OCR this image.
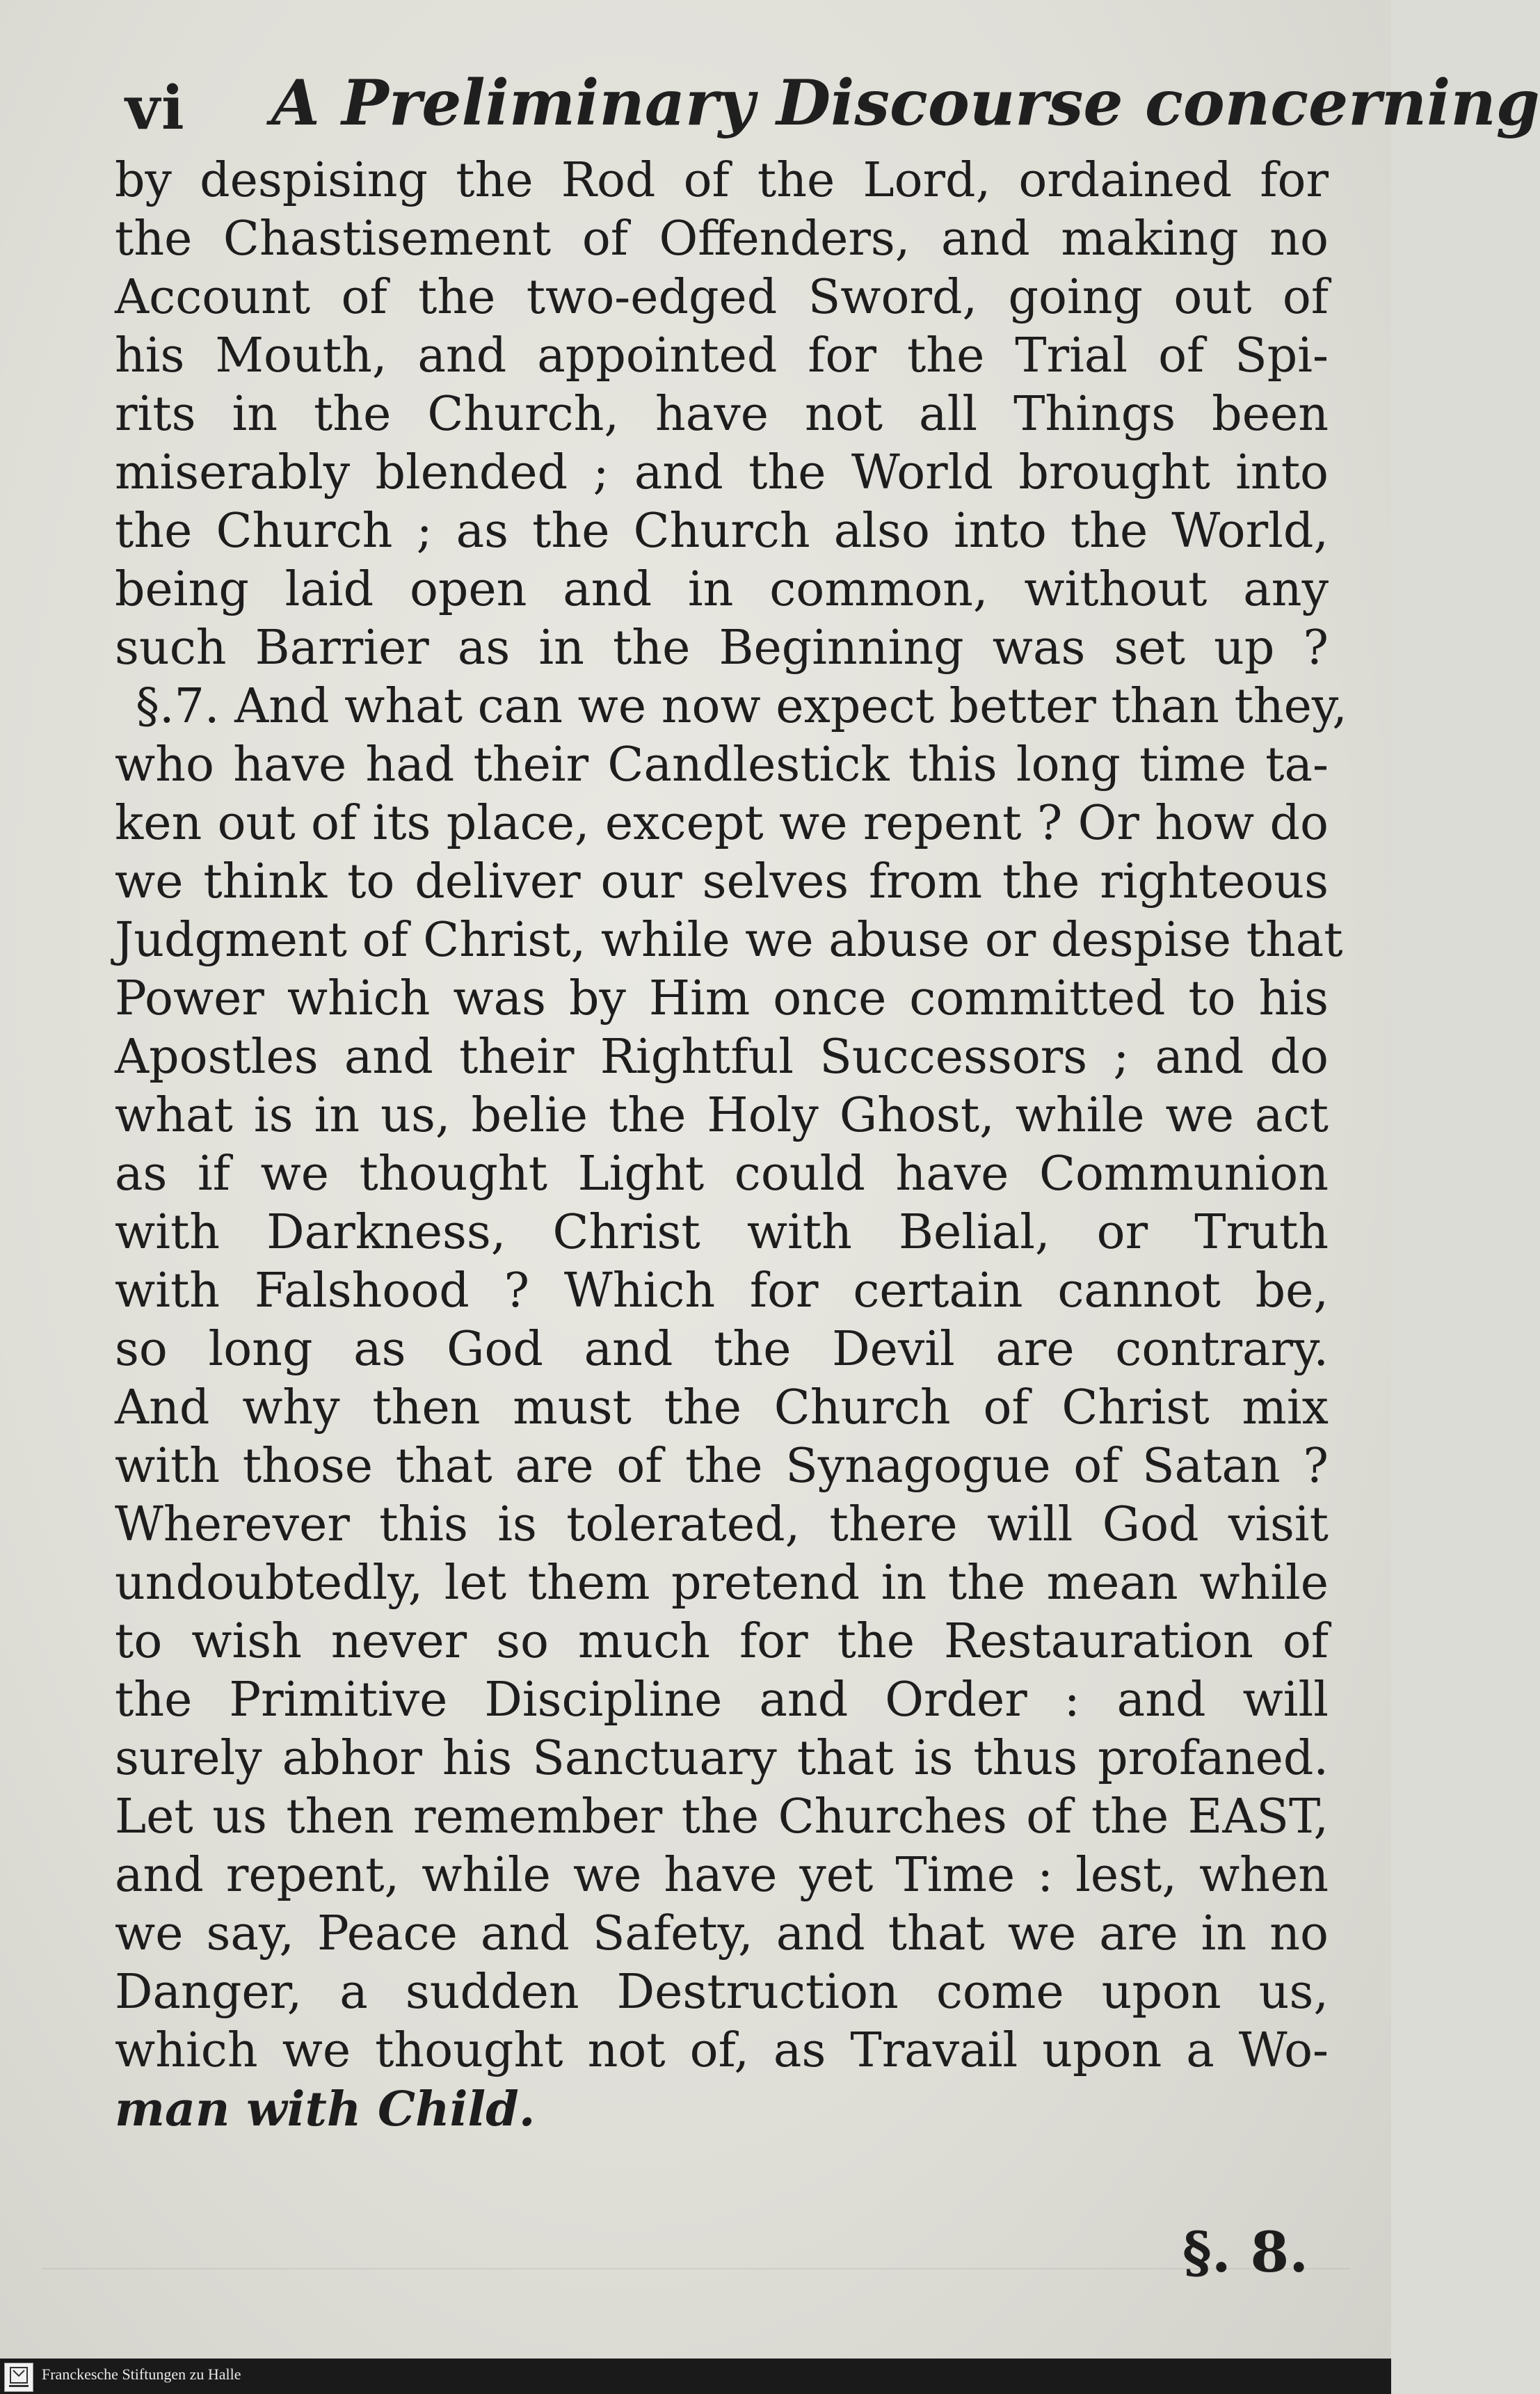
vi A Preliminary Discourse concerning
by despising the Rod of the Lord, ordained for
the Chastisement of Offenders, and making no
Account of the two-edged Sword, going out of
his Mouth, and appointed for the Trial of Spi-
rits in the Church, have not all Things been
miserably blended ; and the World brought into
the Church ; as the Church also into the World,
being laid open and in common, without any
such Barrier as in the Beginning was set up ?
§.7. And what can we now expect better than they,
who have had their Candlestick this long time ta-
ken out of its place, except we repent ? Or how do
we think to deliver our selves from the righteous
Judgment of Christ, while we abuse or despise that
Power which was by Him once committed to his
Apostles and their Rightful Successors ; and do
what is in us, belie the Holy Ghost, while we act
as if we thought Light could have Communion
with Darkness, Christ with Belial, or Truth
with Falshood ? Which for certain cannot be,
so long as God and the Devil are contrary.
And why then must the Church of Christ mix
with those that are of the Synagogue of Satan ?
Wherever this is tolerated, there will God visit
undoubtedly, let them pretend in the mean while
to wish never so much for the Restauration of
the Primitive Discipline and Order : and will
surely abhor his Sanctuary that is thus profaned.
Let us then remember the Churches of the EAST,
and repent, while we have yet Time : lest, when
we say, Peace and Safety, and that we are in no
Danger, a sudden Destruction come upon us,
which we thought not of, as Travail upon a Wo-
man with Child.
§. 8.
Franckesche Stiftungen zu Halle
